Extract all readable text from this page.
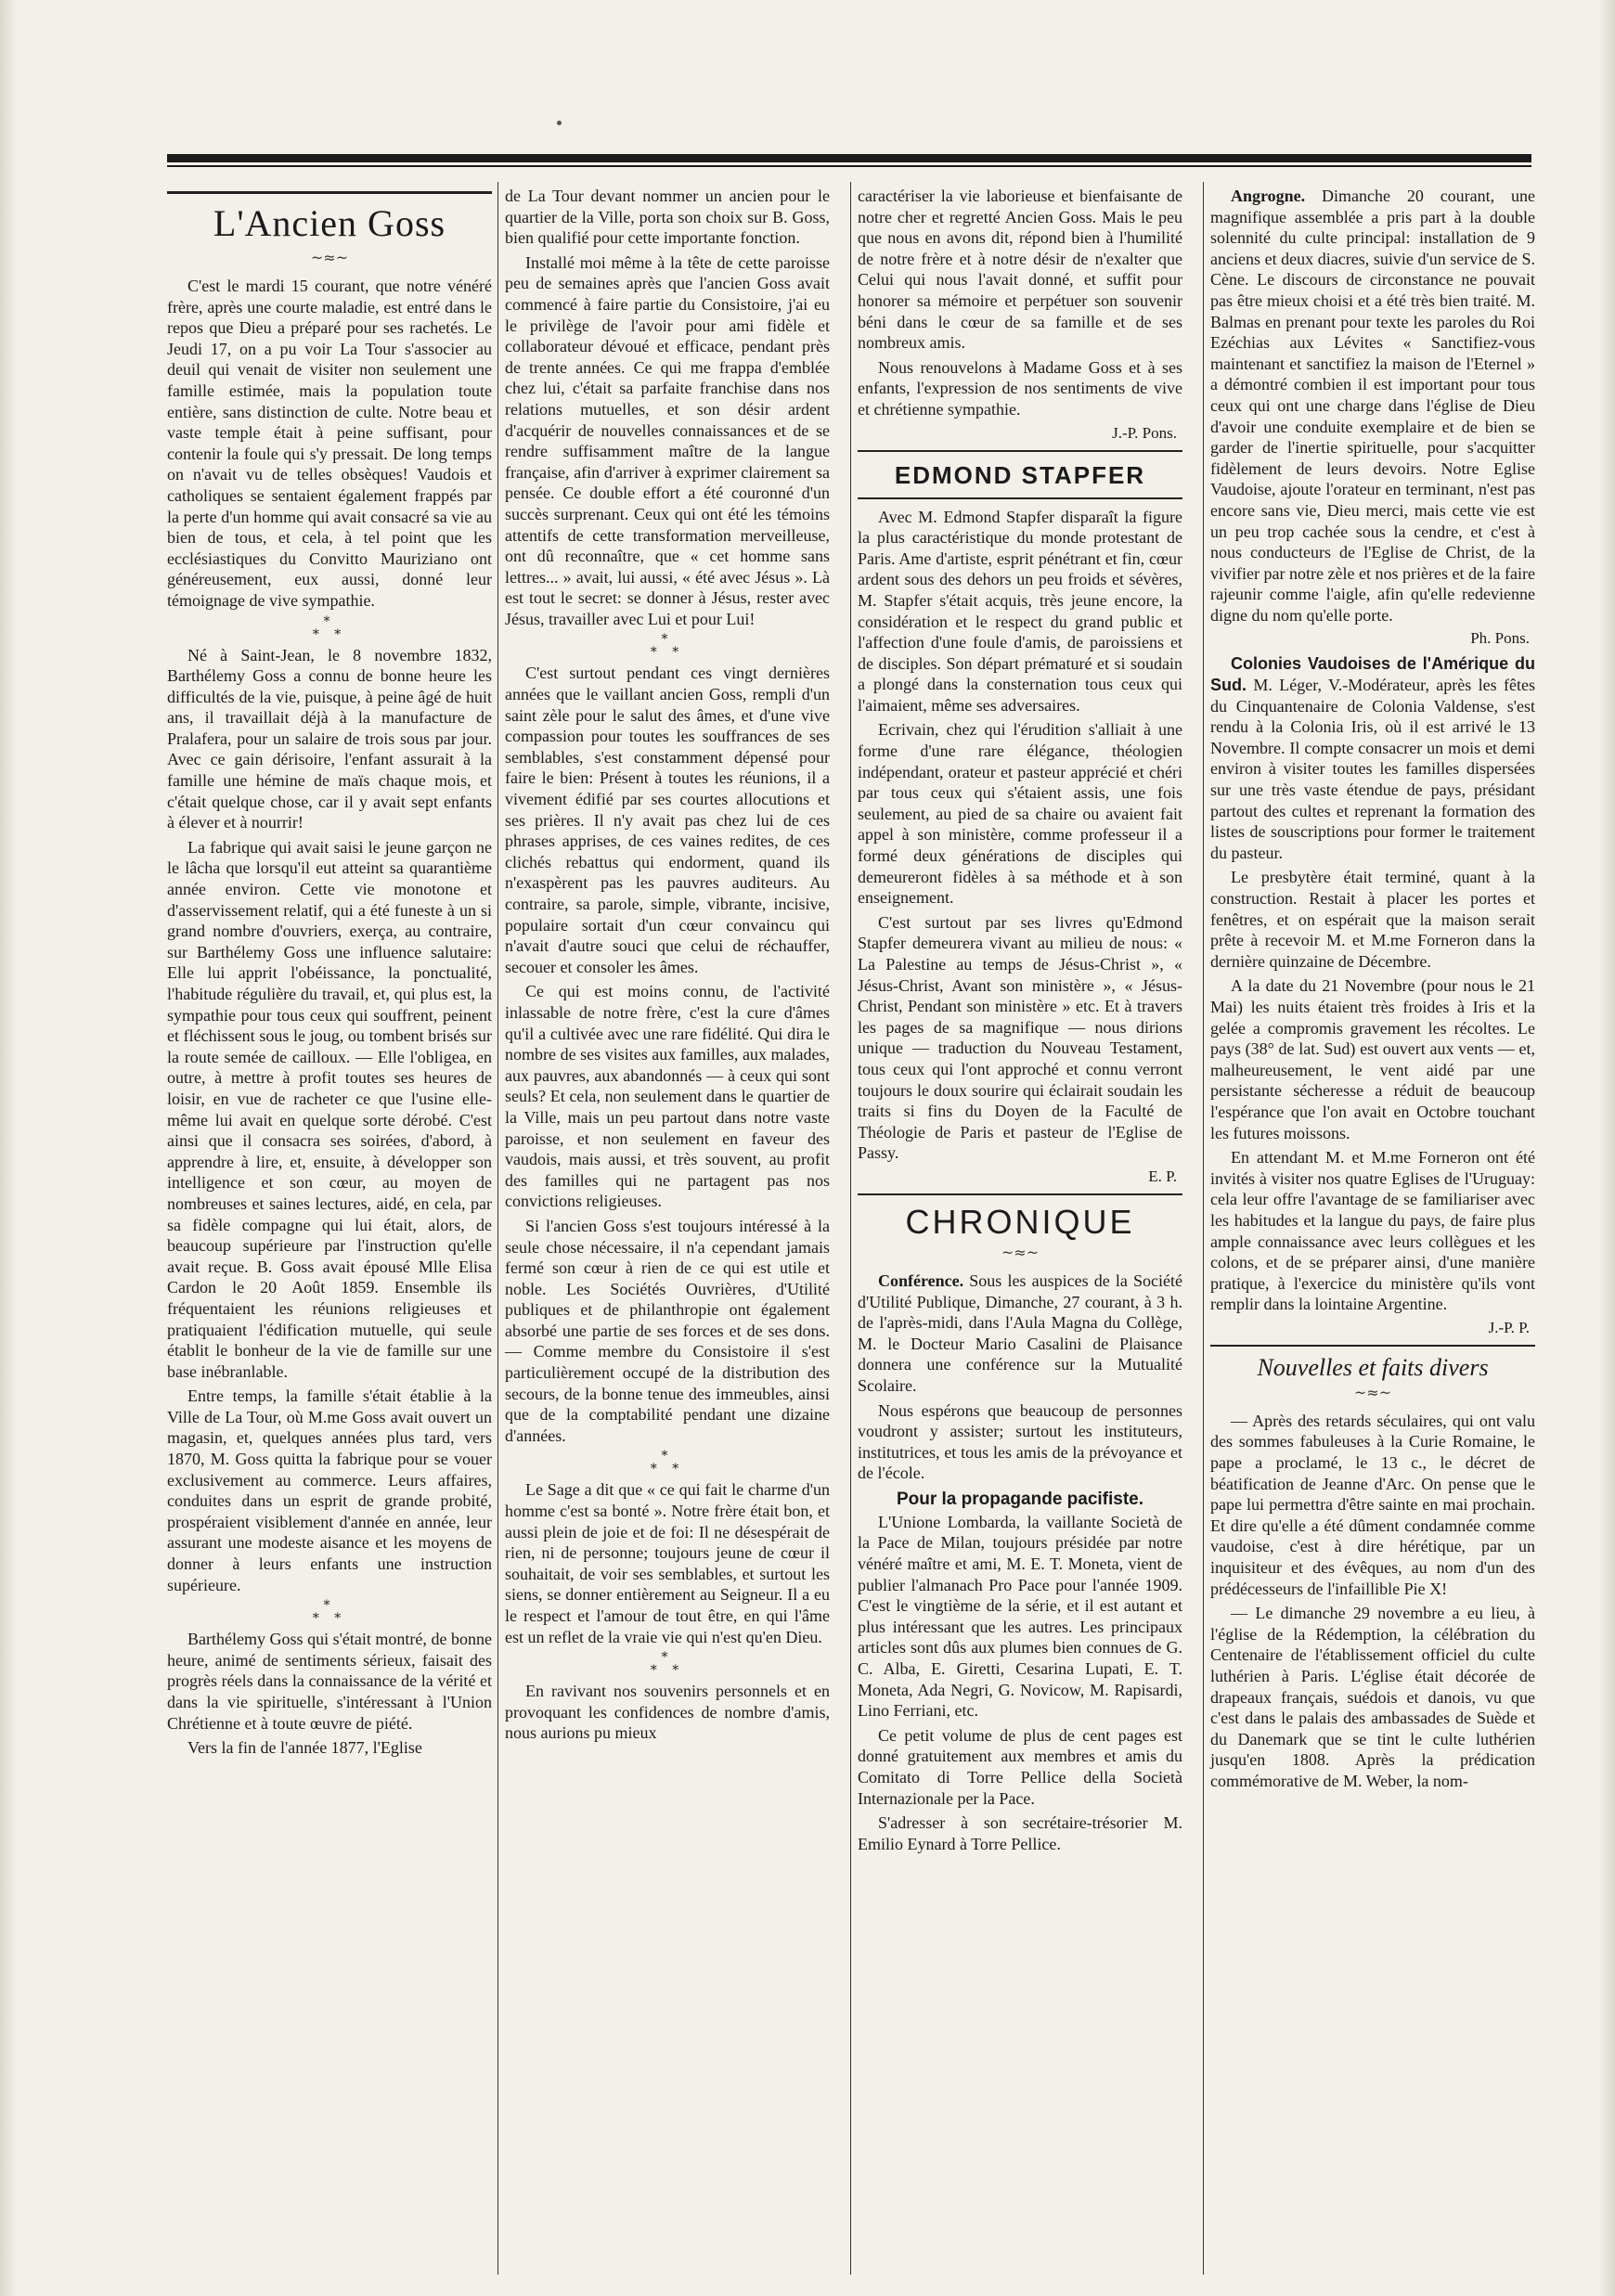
L'Ancien Goss
~≈~

C'est le mardi 15 courant, que notre vénéré frère, après une courte maladie, est entré dans le repos que Dieu a préparé pour ses rachetés. Le Jeudi 17, on a pu voir La Tour s'associer au deuil qui venait de visiter non seulement une famille estimée, mais la population toute entière, sans distinction de culte. Notre beau et vaste temple était à peine suffisant, pour contenir la foule qui s'y pressait. De long temps on n'avait vu de telles obsèques! Vaudois et catholiques se sentaient également frappés par la perte d'un homme qui avait consacré sa vie au bien de tous, et cela, à tel point que les ecclésiastiques du Convitto Mauriziano ont généreusement, eux aussi, donné leur témoignage de vive sympathie.

*
* *

Né à Saint-Jean, le 8 novembre 1832, Barthélemy Goss a connu de bonne heure les difficultés de la vie, puisque, à peine âgé de huit ans, il travaillait déjà à la manufacture de Pralafera, pour un salaire de trois sous par jour. Avec ce gain dérisoire, l'enfant assurait à la famille une hémine de maïs chaque mois, et c'était quelque chose, car il y avait sept enfants à élever et à nourrir!

La fabrique qui avait saisi le jeune garçon ne le lâcha que lorsqu'il eut atteint sa quarantième année environ. Cette vie monotone et d'asservissement relatif, qui a été funeste à un si grand nombre d'ouvriers, exerça, au contraire, sur Barthélemy Goss une influence salutaire: Elle lui apprit l'obéissance, la ponctualité, l'habitude régulière du travail, et, qui plus est, la sympathie pour tous ceux qui souffrent, peinent et fléchissent sous le joug, ou tombent brisés sur la route semée de cailloux. — Elle l'obligea, en outre, à mettre à profit toutes ses heures de loisir, en vue de racheter ce que l'usine elle-même lui avait en quelque sorte dérobé. C'est ainsi que il consacra ses soirées, d'abord, à apprendre à lire, et, ensuite, à développer son intelligence et son cœur, au moyen de nombreuses et saines lectures, aidé, en cela, par sa fidèle compagne qui lui était, alors, de beaucoup supérieure par l'instruction qu'elle avait reçue. B. Goss avait épousé Mlle Elisa Cardon le 20 Août 1859. Ensemble ils fréquentaient les réunions religieuses et pratiquaient l'édification mutuelle, qui seule établit le bonheur de la vie de famille sur une base inébranlable.

Entre temps, la famille s'était établie à la Ville de La Tour, où M.me Goss avait ouvert un magasin, et, quelques années plus tard, vers 1870, M. Goss quitta la fabrique pour se vouer exclusivement au commerce. Leurs affaires, conduites dans un esprit de grande probité, prospéraient visiblement d'année en année, leur assurant une modeste aisance et les moyens de donner à leurs enfants une instruction supérieure.

*
* *

Barthélemy Goss qui s'était montré, de bonne heure, animé de sentiments sérieux, faisait des progrès réels dans la connaissance de la vérité et dans la vie spirituelle, s'intéressant à l'Union Chrétienne et à toute œuvre de piété.

Vers la fin de l'année 1877, l'Eglise

de La Tour devant nommer un ancien pour le quartier de la Ville, porta son choix sur B. Goss, bien qualifié pour cette importante fonction.

Installé moi même à la tête de cette paroisse peu de semaines après que l'ancien Goss avait commencé à faire partie du Consistoire, j'ai eu le privilège de l'avoir pour ami fidèle et collaborateur dévoué et efficace, pendant près de trente années. Ce qui me frappa d'emblée chez lui, c'était sa parfaite franchise dans nos relations mutuelles, et son désir ardent d'acquérir de nouvelles connaissances et de se rendre suffisamment maître de la langue française, afin d'arriver à exprimer clairement sa pensée. Ce double effort a été couronné d'un succès surprenant. Ceux qui ont été les témoins attentifs de cette transformation merveilleuse, ont dû reconnaître, que « cet homme sans lettres... » avait, lui aussi, « été avec Jésus ». Là est tout le secret: se donner à Jésus, rester avec Jésus, travailler avec Lui et pour Lui!

*
* *

C'est surtout pendant ces vingt dernières années que le vaillant ancien Goss, rempli d'un saint zèle pour le salut des âmes, et d'une vive compassion pour toutes les souffrances de ses semblables, s'est constamment dépensé pour faire le bien: Présent à toutes les réunions, il a vivement édifié par ses courtes allocutions et ses prières. Il n'y avait pas chez lui de ces phrases apprises, de ces vaines redites, de ces clichés rebattus qui endorment, quand ils n'exaspèrent pas les pauvres auditeurs. Au contraire, sa parole, simple, vibrante, incisive, populaire sortait d'un cœur convaincu qui n'avait d'autre souci que celui de réchauffer, secouer et consoler les âmes.

Ce qui est moins connu, de l'activité inlassable de notre frère, c'est la cure d'âmes qu'il a cultivée avec une rare fidélité. Qui dira le nombre de ses visites aux familles, aux malades, aux pauvres, aux abandonnés — à ceux qui sont seuls? Et cela, non seulement dans le quartier de la Ville, mais un peu partout dans notre vaste paroisse, et non seulement en faveur des vaudois, mais aussi, et très souvent, au profit des familles qui ne partagent pas nos convictions religieuses.

Si l'ancien Goss s'est toujours intéressé à la seule chose nécessaire, il n'a cependant jamais fermé son cœur à rien de ce qui est utile et noble. Les Sociétés Ouvrières, d'Utilité publiques et de philanthropie ont également absorbé une partie de ses forces et de ses dons. — Comme membre du Consistoire il s'est particulièrement occupé de la distribution des secours, de la bonne tenue des immeubles, ainsi que de la comptabilité pendant une dizaine d'années.

*
* *

Le Sage a dit que « ce qui fait le charme d'un homme c'est sa bonté ». Notre frère était bon, et aussi plein de joie et de foi: Il ne désespérait de rien, ni de personne; toujours jeune de cœur il souhaitait, de voir ses semblables, et surtout les siens, se donner entièrement au Seigneur. Il a eu le respect et l'amour de tout être, en qui l'âme est un reflet de la vraie vie qui n'est qu'en Dieu.

*
* *

En ravivant nos souvenirs personnels et en provoquant les confidences de nombre d'amis, nous aurions pu mieux

caractériser la vie laborieuse et bienfaisante de notre cher et regretté Ancien Goss. Mais le peu que nous en avons dit, répond bien à l'humilité de notre frère et à notre désir de n'exalter que Celui qui nous l'avait donné, et suffit pour honorer sa mémoire et perpétuer son souvenir béni dans le cœur de sa famille et de ses nombreux amis.

Nous renouvelons à Madame Goss et à ses enfants, l'expression de nos sentiments de vive et chrétienne sympathie.

J.-P. Pons.
EDMOND STAPFER

Avec M. Edmond Stapfer disparaît la figure la plus caractéristique du monde protestant de Paris. Ame d'artiste, esprit pénétrant et fin, cœur ardent sous des dehors un peu froids et sévères, M. Stapfer s'était acquis, très jeune encore, la considération et le respect du grand public et l'affection d'une foule d'amis, de paroissiens et de disciples. Son départ prématuré et si soudain a plongé dans la consternation tous ceux qui l'aimaient, même ses adversaires.

Ecrivain, chez qui l'érudition s'alliait à une forme d'une rare élégance, théologien indépendant, orateur et pasteur apprécié et chéri par tous ceux qui s'étaient assis, une fois seulement, au pied de sa chaire ou avaient fait appel à son ministère, comme professeur il a formé deux générations de disciples qui demeureront fidèles à sa méthode et à son enseignement.

C'est surtout par ses livres qu'Edmond Stapfer demeurera vivant au milieu de nous: « La Palestine au temps de Jésus-Christ », « Jésus-Christ, Avant son ministère », « Jésus-Christ, Pendant son ministère » etc. Et à travers les pages de sa magnifique — nous dirions unique — traduction du Nouveau Testament, tous ceux qui l'ont approché et connu verront toujours le doux sourire qui éclairait soudain les traits si fins du Doyen de la Faculté de Théologie de Paris et pasteur de l'Eglise de Passy.

E. P.
CHRONIQUE
~≈~

Conférence. Sous les auspices de la Société d'Utilité Publique, Dimanche, 27 courant, à 3 h. de l'après-midi, dans l'Aula Magna du Collège, M. le Docteur Mario Casalini de Plaisance donnera une conférence sur la Mutualité Scolaire.

Nous espérons que beaucoup de personnes voudront y assister; surtout les instituteurs, institutrices, et tous les amis de la prévoyance et de l'école.

Pour la propagande pacifiste.

L'Unione Lombarda, la vaillante Società de la Pace de Milan, toujours présidée par notre vénéré maître et ami, M. E. T. Moneta, vient de publier l'almanach Pro Pace pour l'année 1909. C'est le vingtième de la série, et il est autant et plus intéressant que les autres. Les principaux articles sont dûs aux plumes bien connues de G. C. Alba, E. Giretti, Cesarina Lupati, E. T. Moneta, Ada Negri, G. Novicow, M. Rapisardi, Lino Ferriani, etc.

Ce petit volume de plus de cent pages est donné gratuitement aux membres et amis du Comitato di Torre Pellice della Società Internazionale per la Pace.

S'adresser à son secrétaire-trésorier M. Emilio Eynard à Torre Pellice.

Angrogne. Dimanche 20 courant, une magnifique assemblée a pris part à la double solennité du culte principal: installation de 9 anciens et deux diacres, suivie d'un service de S. Cène. Le discours de circonstance ne pouvait pas être mieux choisi et a été très bien traité. M. Balmas en prenant pour texte les paroles du Roi Ezéchias aux Lévites « Sanctifiez-vous maintenant et sanctifiez la maison de l'Eternel » a démontré combien il est important pour tous ceux qui ont une charge dans l'église de Dieu d'avoir une conduite exemplaire et de bien se garder de l'inertie spirituelle, pour s'acquitter fidèlement de leurs devoirs. Notre Eglise Vaudoise, ajoute l'orateur en terminant, n'est pas encore sans vie, Dieu merci, mais cette vie est un peu trop cachée sous la cendre, et c'est à nous conducteurs de l'Eglise de Christ, de la vivifier par notre zèle et nos prières et de la faire rajeunir comme l'aigle, afin qu'elle redevienne digne du nom qu'elle porte.

Ph. Pons.

Colonies Vaudoises de l'Amérique du Sud. M. Léger, V.-Modérateur, après les fêtes du Cinquantenaire de Colonia Valdense, s'est rendu à la Colonia Iris, où il est arrivé le 13 Novembre. Il compte consacrer un mois et demi environ à visiter toutes les familles dispersées sur une très vaste étendue de pays, présidant partout des cultes et reprenant la formation des listes de souscriptions pour former le traitement du pasteur.

Le presbytère était terminé, quant à la construction. Restait à placer les portes et fenêtres, et on espérait que la maison serait prête à recevoir M. et M.me Forneron dans la dernière quinzaine de Décembre.

A la date du 21 Novembre (pour nous le 21 Mai) les nuits étaient très froides à Iris et la gelée a compromis gravement les récoltes. Le pays (38° de lat. Sud) est ouvert aux vents — et, malheureusement, le vent aidé par une persistante sécheresse a réduit de beaucoup l'espérance que l'on avait en Octobre touchant les futures moissons.

En attendant M. et M.me Forneron ont été invités à visiter nos quatre Eglises de l'Uruguay: cela leur offre l'avantage de se familiariser avec les habitudes et la langue du pays, de faire plus ample connaissance avec leurs collègues et les colons, et de se préparer ainsi, d'une manière pratique, à l'exercice du ministère qu'ils vont remplir dans la lointaine Argentine.

J.-P. P.
Nouvelles et faits divers
~≈~

— Après des retards séculaires, qui ont valu des sommes fabuleuses à la Curie Romaine, le pape a proclamé, le 13 c., le décret de béatification de Jeanne d'Arc. On pense que le pape lui permettra d'être sainte en mai prochain. Et dire qu'elle a été dûment condamnée comme vaudoise, c'est à dire hérétique, par un inquisiteur et des évêques, au nom d'un des prédécesseurs de l'infaillible Pie X!

— Le dimanche 29 novembre a eu lieu, à l'église de la Rédemption, la célébration du Centenaire de l'établissement officiel du culte luthérien à Paris. L'église était décorée de drapeaux français, suédois et danois, vu que c'est dans le palais des ambassades de Suède et du Danemark que se tint le culte luthérien jusqu'en 1808. Après la prédication commémorative de M. Weber, la nom-
